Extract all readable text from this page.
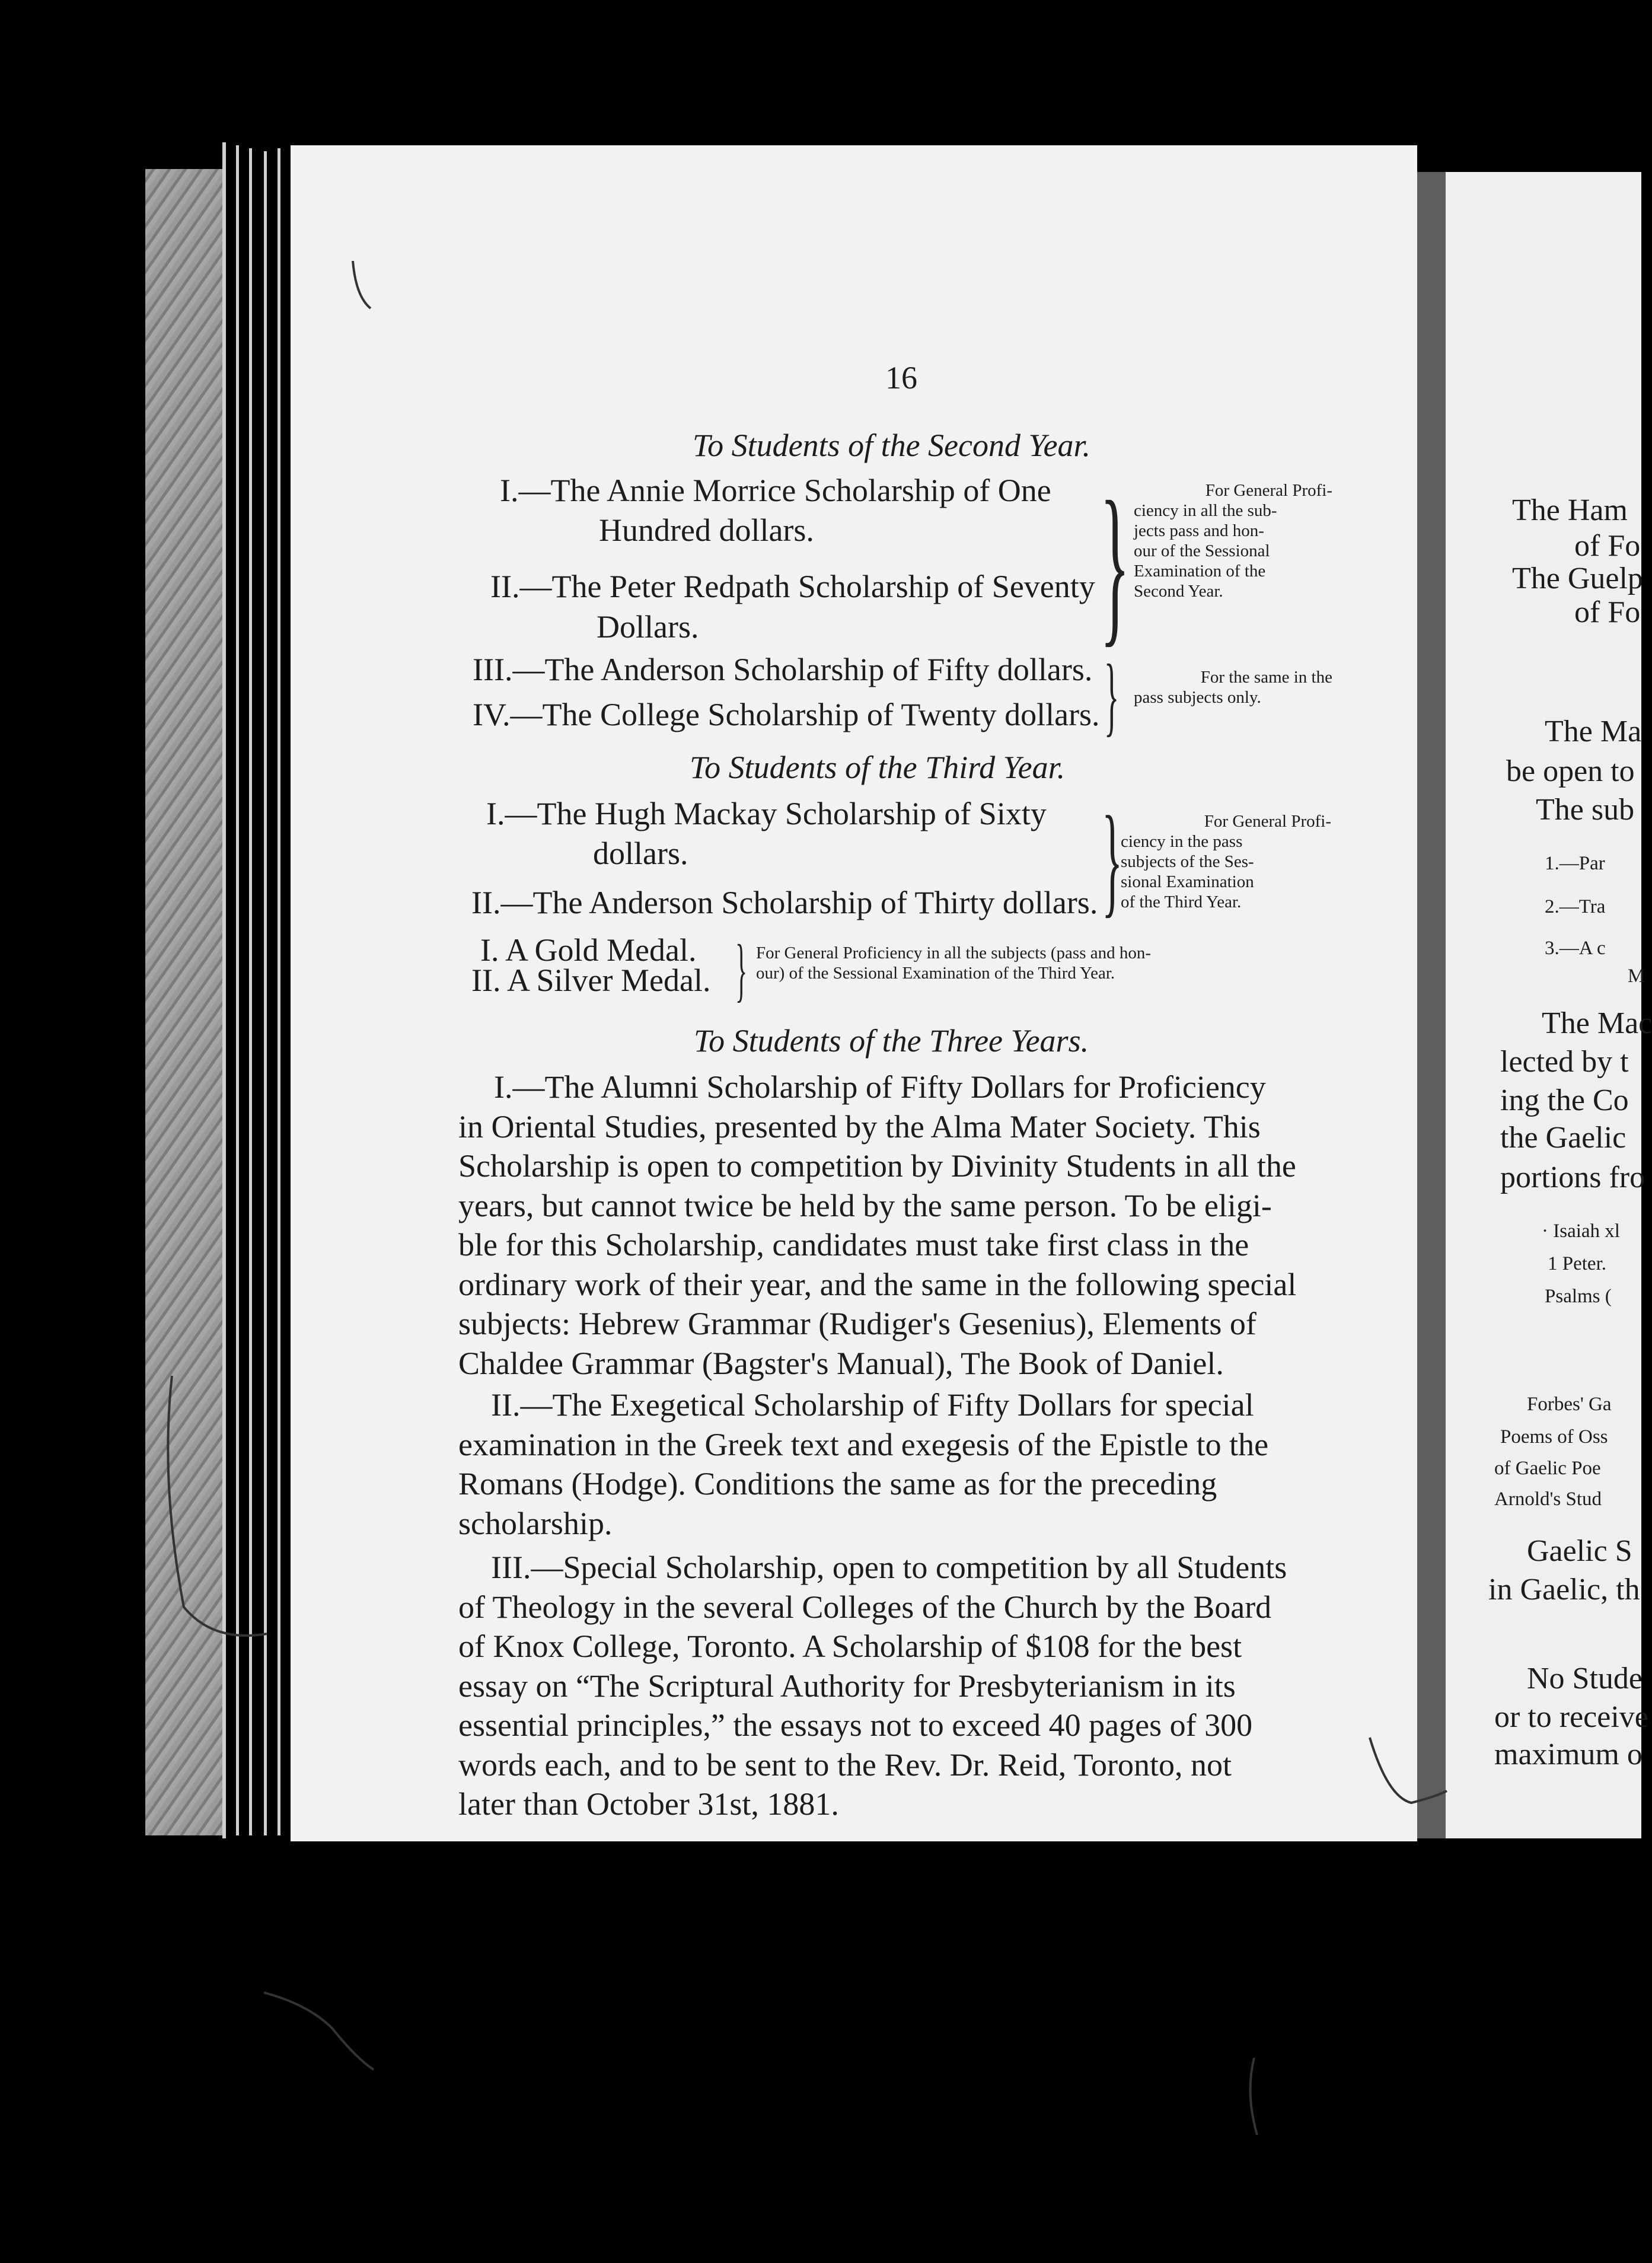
16
To Students of the Second Year.
I.—The Annie Morrice Scholarship of One
Hundred dollars.
II.—The Peter Redpath Scholarship of Seventy
Dollars.
III.—The Anderson Scholarship of Fifty dollars.
IV.—The College Scholarship of Twenty dollars.
}
}
For General Profi-
ciency in all the sub-
jects pass and hon-
our of the Sessional
Examination of the
Second Year.
For the same in the
pass subjects only.
To Students of the Third Year.
I.—The Hugh Mackay Scholarship of Sixty
dollars.
II.—The Anderson Scholarship of Thirty dollars. }	For General Profi-
ciency in the pass
subjects of the Ses-
sional Examination
of the Third Year.
I. A Gold Medal.
II. A Silver Medal. } For General Proficiency in all the subjects (pass and hon-
our) of the Sessional Examination of the Third Year.
To Students of the Three Years.
I.—The Alumni Scholarship of Fifty Dollars for Proficiency
in Oriental Studies, presented by the Alma Mater Society. This
Scholarship is open to competition by Divinity Students in all the
years, but cannot twice be held by the same person. To be eligi-
ble for this Scholarship, candidates must take first class in the
ordinary work of their year, and the same in the following special
subjects: Hebrew Grammar (Rudiger's Gesenius), Elements of
Chaldee Grammar (Bagster's Manual), The Book of Daniel.
II.—The Exegetical Scholarship of Fifty Dollars for special
examination in the Greek text and exegesis of the Epistle to the
Romans (Hodge). Conditions the same as for the preceding
scholarship.
III.—Special Scholarship, open to competition by all Students
of Theology in the several Colleges of the Church by the Board
of Knox College, Toronto. A Scholarship of $108 for the best
essay on “The Scriptural Authority for Presbyterianism in its
essential principles,” the essays not to exceed 40 pages of 300
words each, and to be sent to the Rev. Dr. Reid, Toronto, not
later than October 31st, 1881.
The Ham
of Fo
The Guelp
of Fo
The Ma
be open to
The sub
1.—Par
2.—Tra
3.—A c
M
The Mac
lected by t
ing the Co
the Gaelic
portions fro
· Isaiah xl
1 Peter.
Psalms (
Forbes' Ga
Poems of Oss
of Gaelic Poe
Arnold's Stud
Gaelic S
in Gaelic, th
No Stude
or to receive
maximum o
